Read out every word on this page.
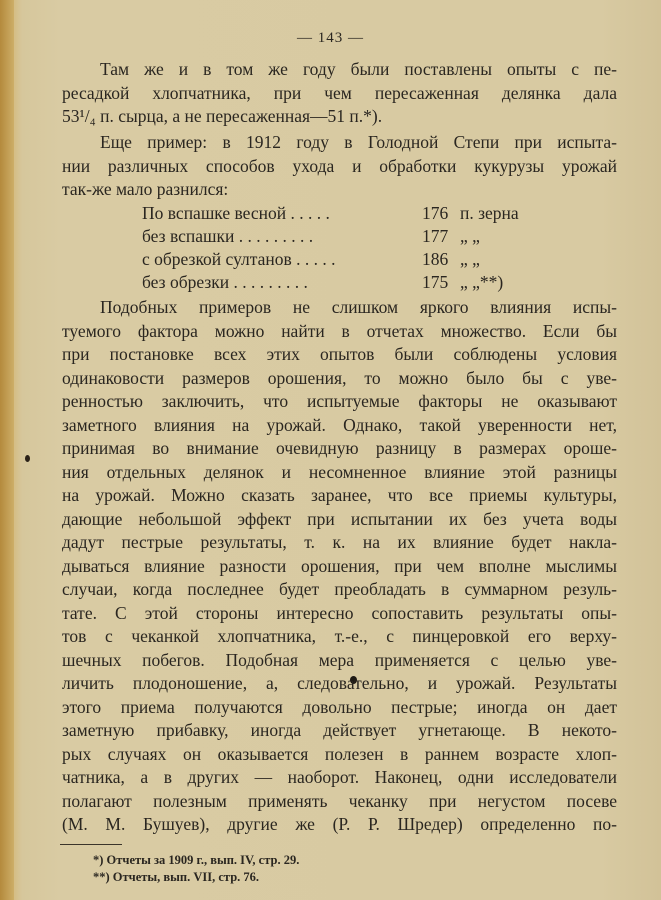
— 143 —
Там же и в том же году были поставлены опыты с пе-
ресадкой хлопчатника, при чем пересаженная делянка дала
53¹/₄ п. сырца, а не пересаженная—51 п.*).
Еще пример: в 1912 году в Голодной Степи при испыта-
нии различных способов ухода и обработки кукурузы урожай
так-же мало разнился:
По вспашке весной . . . . .	176 п. зерна
без вспашки . . . . . . . . .	177 „ „
с обрезкой султанов . . . . .	186 „ „
без обрезки . . . . . . . . .	175 „ „**)
Подобных примеров не слишком яркого влияния испы-
туемого фактора можно найти в отчетах множество. Если бы
при постановке всех этих опытов были соблюдены условия
одинаковости размеров орошения, то можно было бы с уве-
ренностью заключить, что испытуемые факторы не оказывают
заметного влияния на урожай. Однако, такой уверенности нет,
принимая во внимание очевидную разницу в размерах ороше-
ния отдельных делянок и несомненное влияние этой разницы
на урожай. Можно сказать заранее, что все приемы культуры,
дающие небольшой эффект при испытании их без учета воды
дадут пестрые результаты, т. к. на их влияние будет накла-
дываться влияние разности орошения, при чем вполне мыслимы
случаи, когда последнее будет преобладать в суммарном резуль-
тате. С этой стороны интересно сопоставить результаты опы-
тов с чеканкой хлопчатника, т.-е., с пинцеровкой его верху-
шечных побегов. Подобная мера применяется с целью уве-
личить плодоношение, а, следовательно, и урожай. Результаты
этого приема получаются довольно пестрые; иногда он дает
заметную прибавку, иногда действует угнетающе. В некото-
рых случаях он оказывается полезен в раннем возрасте хлоп-
чатника, а в других — наоборот. Наконец, одни исследователи
полагают полезным применять чеканку при негустом посеве
(М. М. Бушуев), другие же (Р. Р. Шредер) определенно по-
*) Отчеты за 1909 г., вып. IV, стр. 29.
**) Отчеты, вып. VII, стр. 76.
